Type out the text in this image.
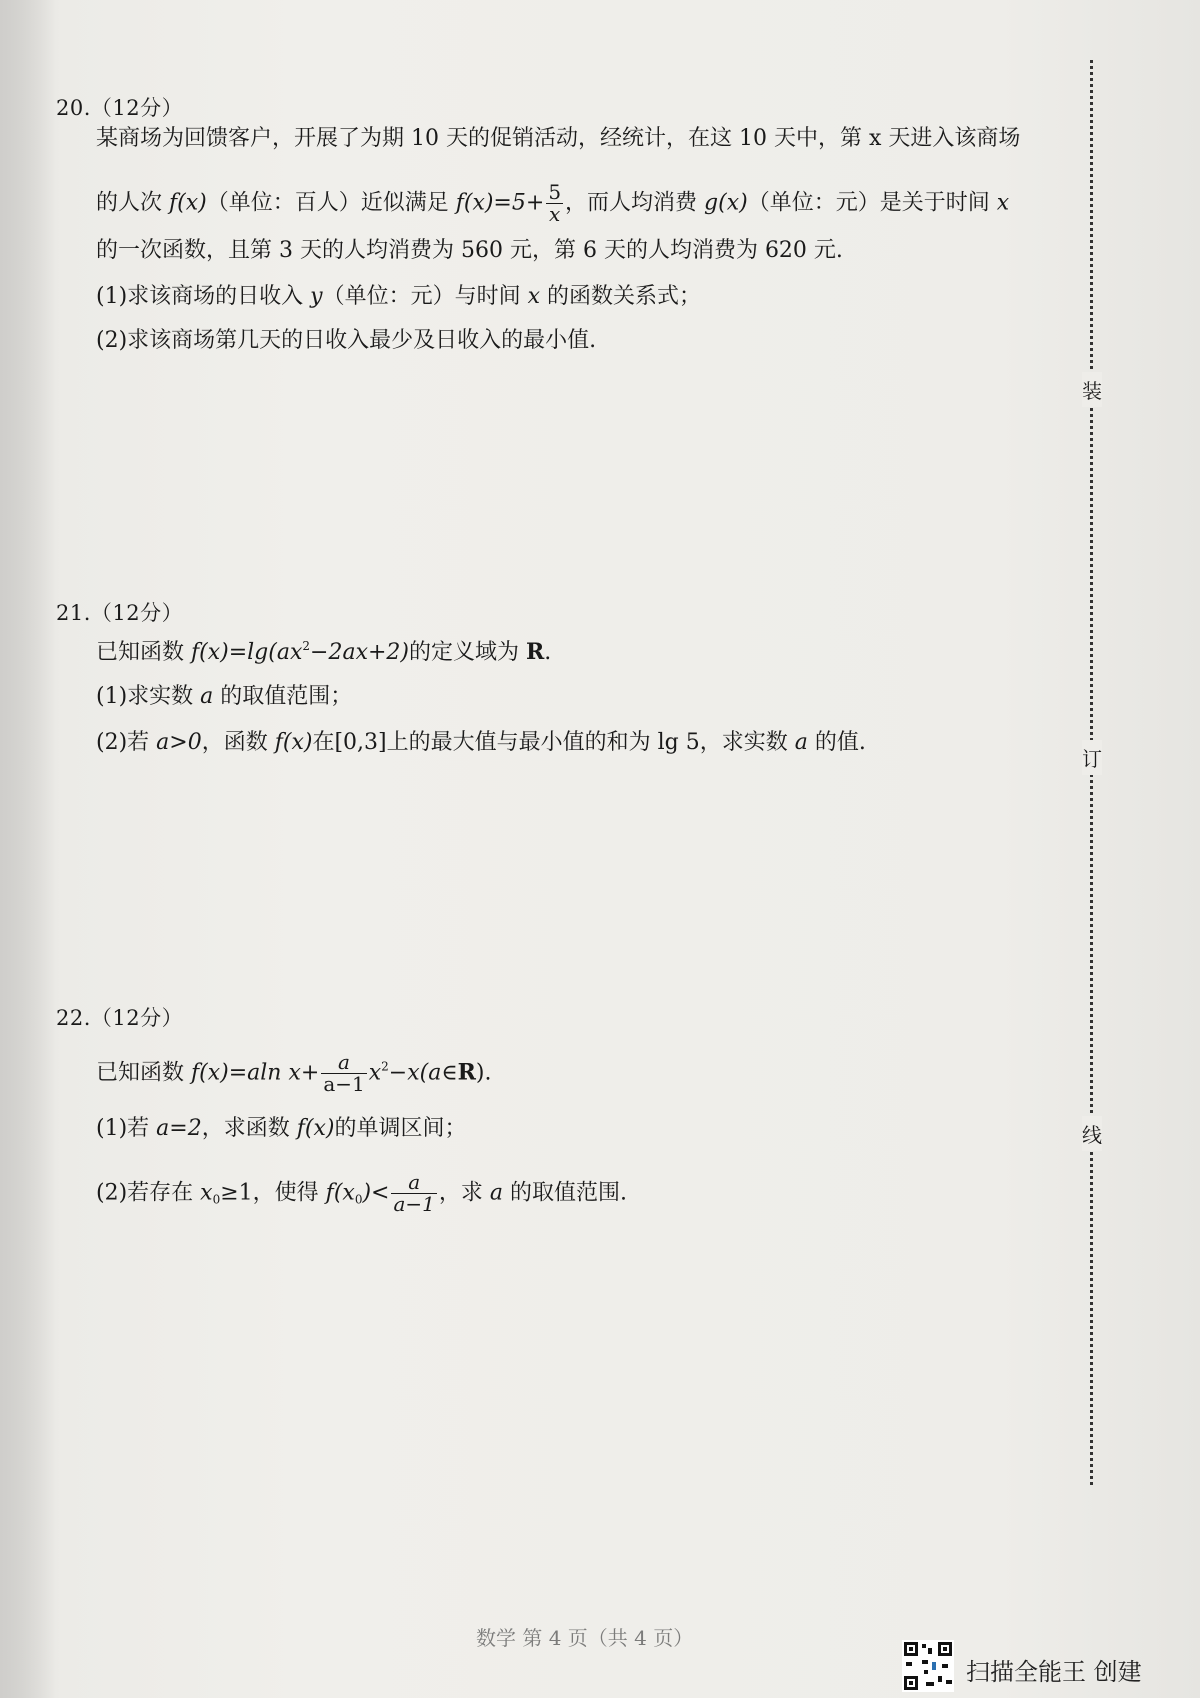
20.（12分）
某商场为回馈客户，开展了为期 10 天的促销活动，经统计，在这 10 天中，第 x 天进入该商场
的人次 f(x)（单位：百人）近似满足 $f(x)=5+ \frac{5}{x}$ ，而人均消费 g(x)（单位：元）是关于时间 x
的一次函数，且第 3 天的人均消费为 560 元，第 6 天的人均消费为 620 元.
(1)求该商场的日收入 y（单位：元）与时间 x 的函数关系式；
(2)求该商场第几天的日收入最少及日收入的最小值.
21.（12分）
已知函数 $f(x)=\lg(ax^2-2ax+2)$的定义域为 R.
(1)求实数 a 的取值范围；
(2)若 a>0，函数 f(x)在[0,3]上的最大值与最小值的和为 lg 5，求实数 a 的值.
22.（12分）
已知函数 f(x)=aln $x+ \frac{a}{a-1}$ $x^2-x(a\in R)$.
(1)若 a=2，求函数 f(x)的单调区间；
(2)若存在 $x_0\ge 1$，使得 $f(x_0)< \frac{a}{a-1}$ ，求 a 的取值范围.
装
订
线
数学 第 4 页（共 4 页）
扫描全能王 创建
